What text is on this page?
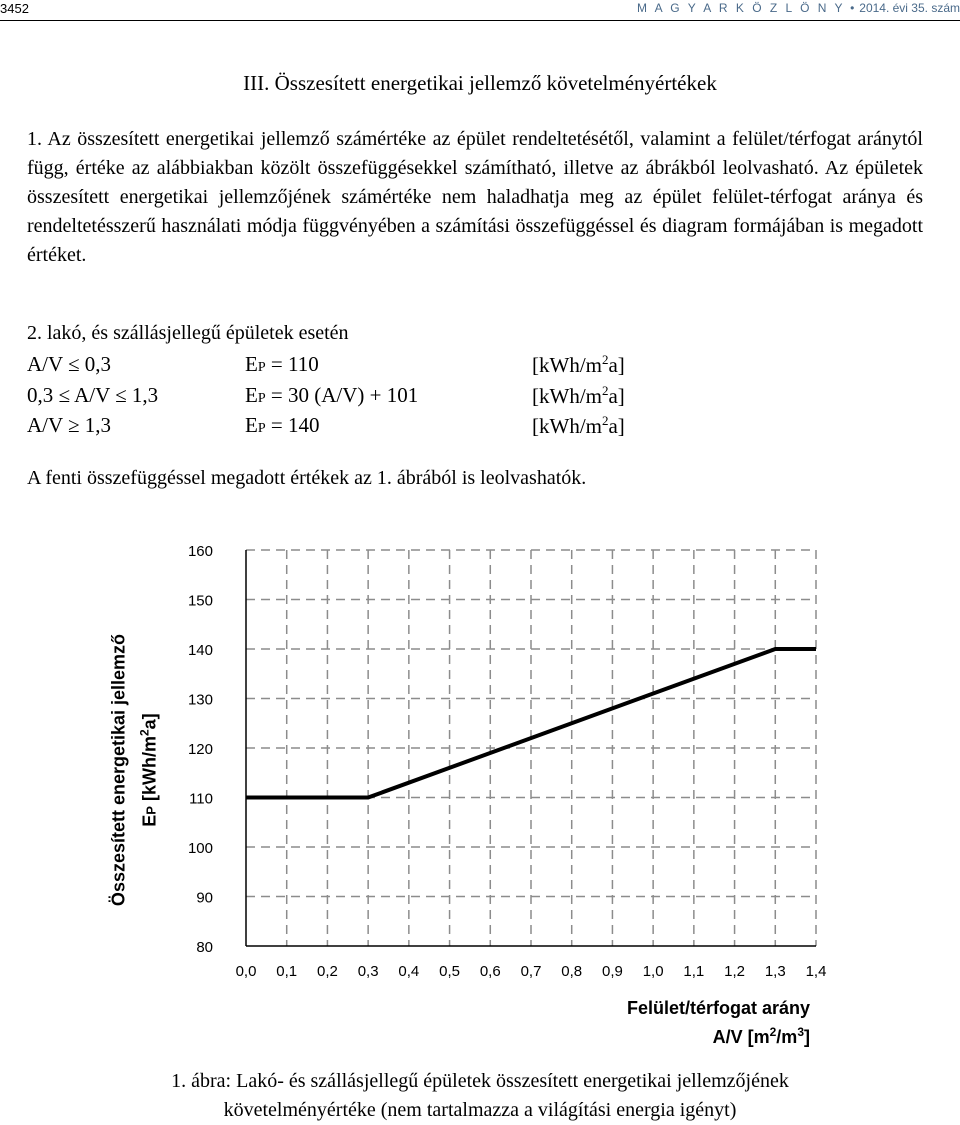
3452	M A G Y A R K Ö Z L Ö N Y • 2014. évi 35. szám
III. Összesített energetikai jellemző követelményértékek

1. Az összesített energetikai jellemző számértéke az épület rendeltetésétől, valamint a felület/térfogat aránytól függ, értéke az alábbiakban közölt összefüggésekkel számítható, illetve az ábrákból leolvasható. Az épületek összesített energetikai jellemzőjének számértéke nem haladhatja meg az épület felület-térfogat aránya és rendeltetésszerű használati módja függvényében a számítási összefüggéssel és diagram formájában is megadott értéket.

2. lakó, és szállásjellegű épületek esetén
A/V ≤ 0,3	EP = 110	$[kWh/m^2a]$
0,3 ≤ A/V ≤ 1,3	EP = 30 (A/V) + 101	$[kWh/m^2a]$
A/V ≥ 1,3	EP = 140	$[kWh/m^2a]$
A fenti összefüggéssel megadott értékek az 1. ábrából is leolvashatók.
80
90
100
110
120
130
140
150
160
0,0 0,1 0,2 0,3 0,4 0,5 0,6 0,7 0,8 0,9 1,0 1,1 1,2 1,3 1,4
Összesített energetikai jellemző EP $[kWh/m^2a]$
Felület/térfogat arány
A/V $[m^2/m^3]$
1. ábra: Lakó- és szállásjellegű épületek összesített energetikai jellemzőjének
követelményértéke (nem tartalmazza a világítási energia igényt)
